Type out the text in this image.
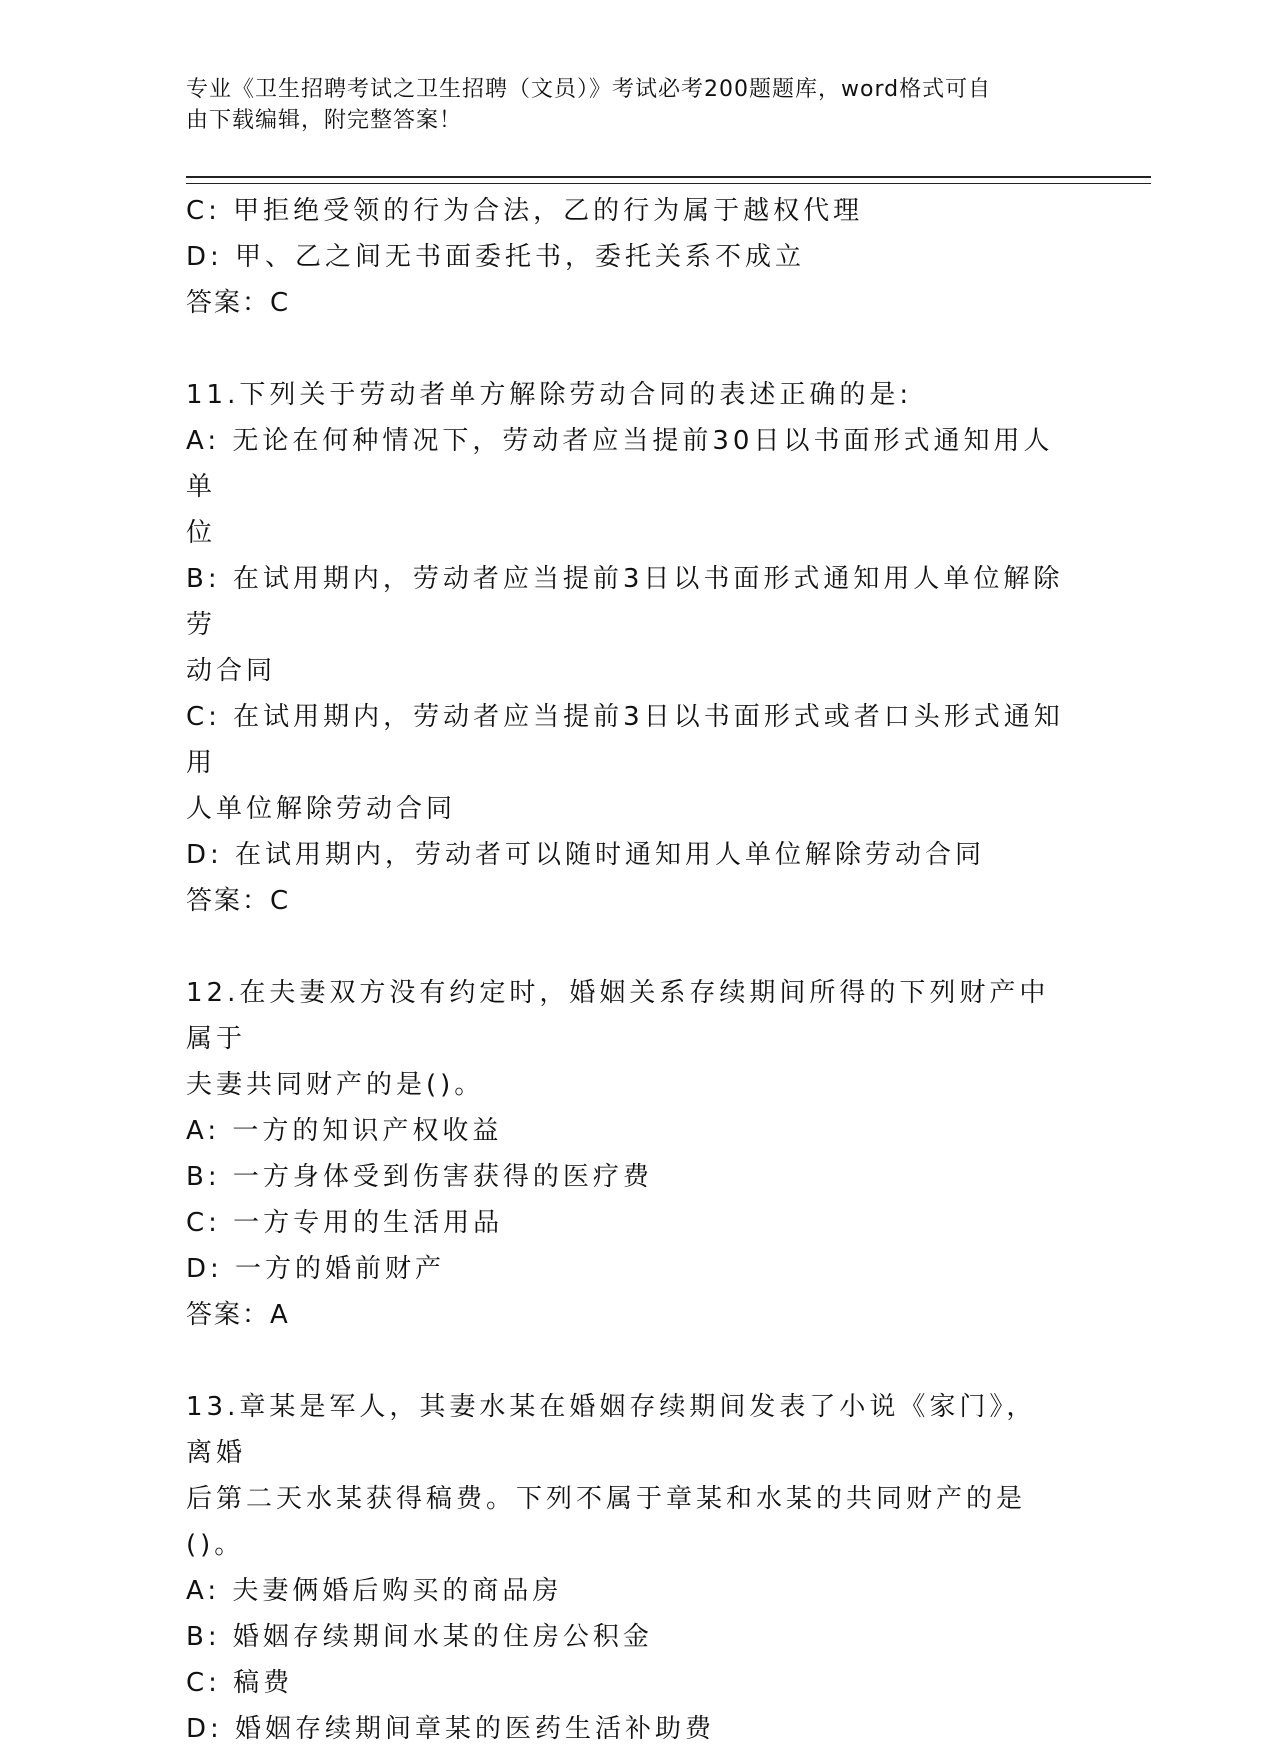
专业《卫生招聘考试之卫生招聘（文员）》考试必考200题题库，word格式可自
由下载编辑，附完整答案！

C: 甲拒绝受领的行为合法，乙的行为属于越权代理

D: 甲、乙之间无书面委托书，委托关系不成立

答案：C

11.下列关于劳动者单方解除劳动合同的表述正确的是:

A: 无论在何种情况下，劳动者应当提前30日以书面形式通知用人单

位

B: 在试用期内，劳动者应当提前3日以书面形式通知用人单位解除劳

动合同

C: 在试用期内，劳动者应当提前3日以书面形式或者口头形式通知用

人单位解除劳动合同

D: 在试用期内，劳动者可以随时通知用人单位解除劳动合同

答案：C

12.在夫妻双方没有约定时，婚姻关系存续期间所得的下列财产中属于

夫妻共同财产的是()。

A: 一方的知识产权收益

B: 一方身体受到伤害获得的医疗费

C: 一方专用的生活用品

D: 一方的婚前财产

答案：A

13.章某是军人，其妻水某在婚姻存续期间发表了小说《家门》，离婚

后第二天水某获得稿费。下列不属于章某和水某的共同财产的是()。

A: 夫妻俩婚后购买的商品房

B: 婚姻存续期间水某的住房公积金

C: 稿费

D: 婚姻存续期间章某的医药生活补助费
